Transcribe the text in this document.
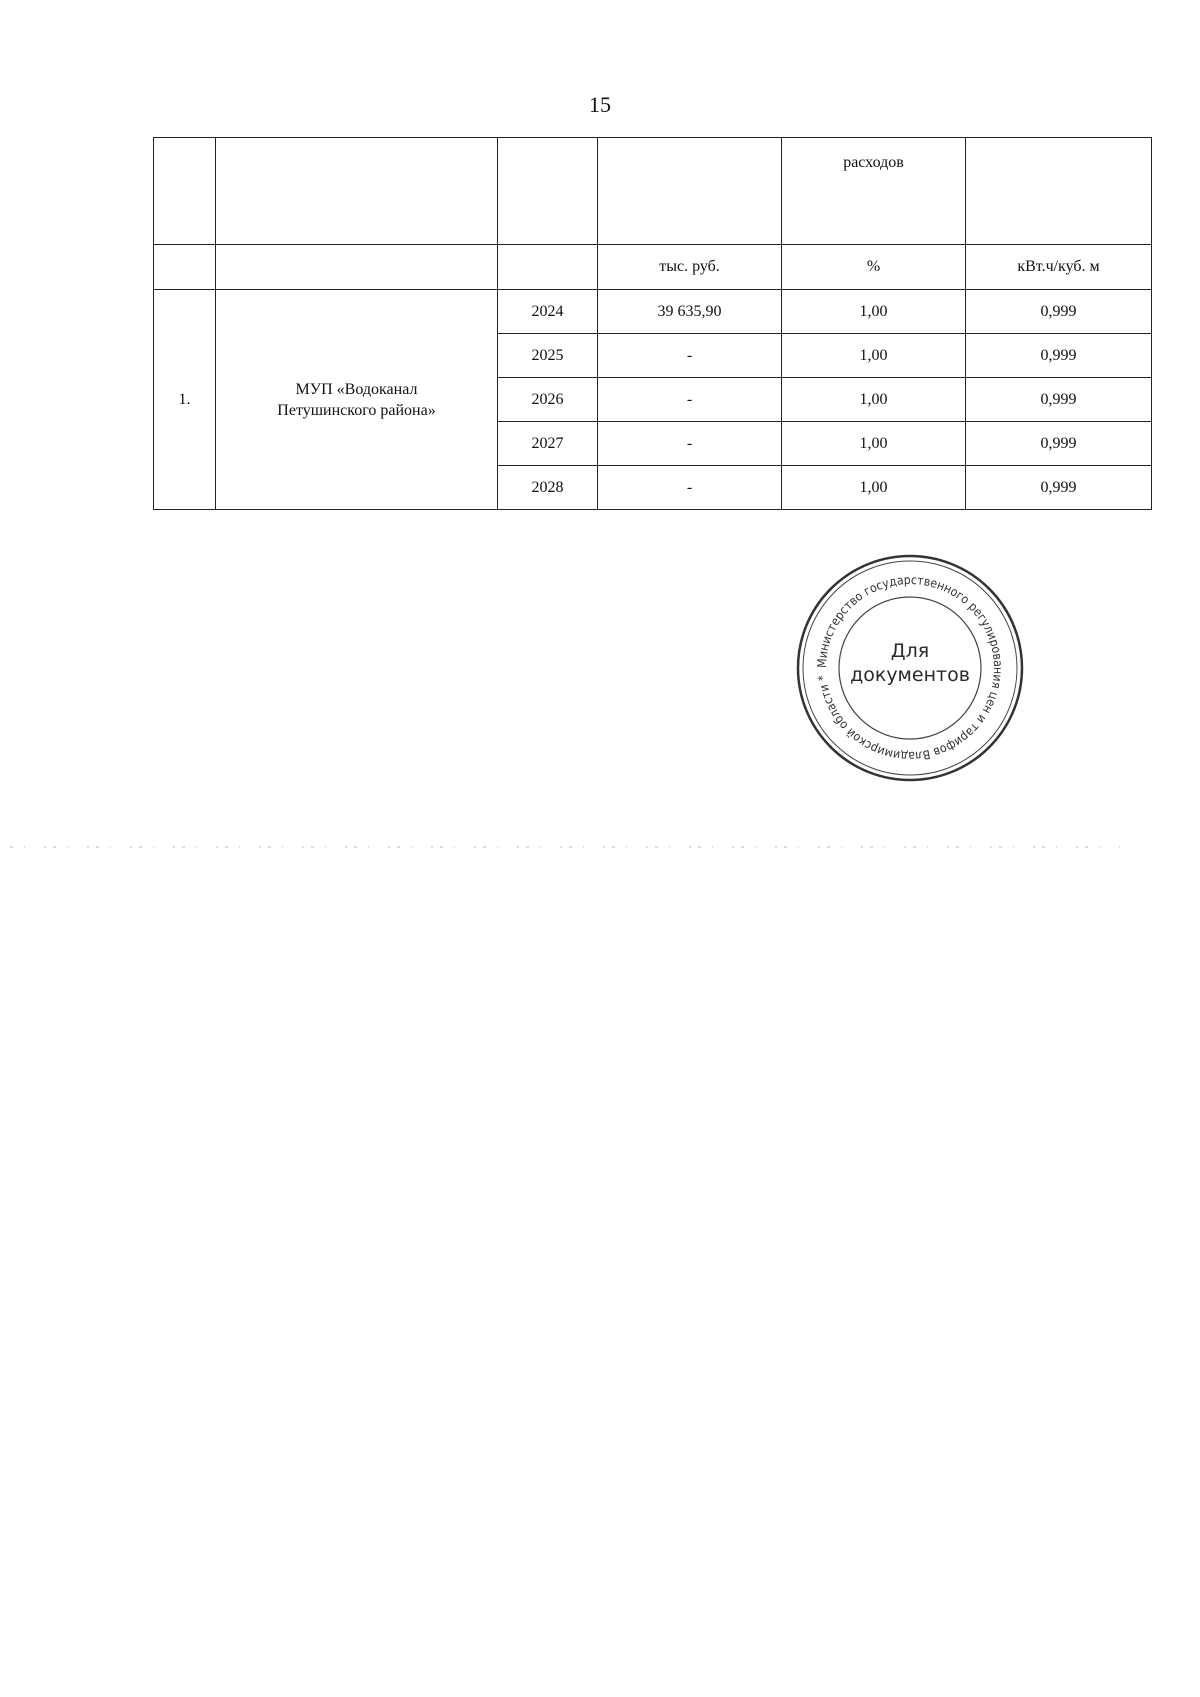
15
				расходов	
			тыс. руб.	%	кВт.ч/куб. м
1.	МУП «Водоканал
Петушинского района»	2024	39 635,90	1,00	0,999
		2025	-	1,00	0,999
		2026	-	1,00	0,999
		2027	-	1,00	0,999
		2028	-	1,00	0,999
Министерство государственного регулирования цен и тарифов Владимирской области *
Для
документов
